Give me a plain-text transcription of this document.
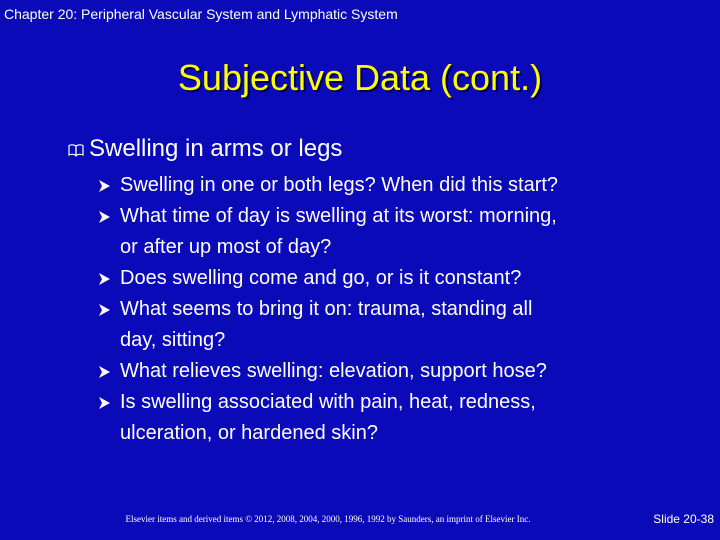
Chapter 20: Peripheral Vascular System and Lymphatic System
Subjective Data (cont.)
Swelling in arms or legs
Swelling in one or both legs? When did this start?
What time of day is swelling at its worst: morning,
or after up most of day?
Does swelling come and go, or is it constant?
What seems to bring it on: trauma, standing all
day, sitting?
What relieves swelling: elevation, support hose?
Is swelling associated with pain, heat, redness,
ulceration, or hardened skin?
Elsevier items and derived items © 2012, 2008, 2004, 2000, 1996, 1992 by Saunders, an imprint of Elsevier Inc.	Slide 20-38
